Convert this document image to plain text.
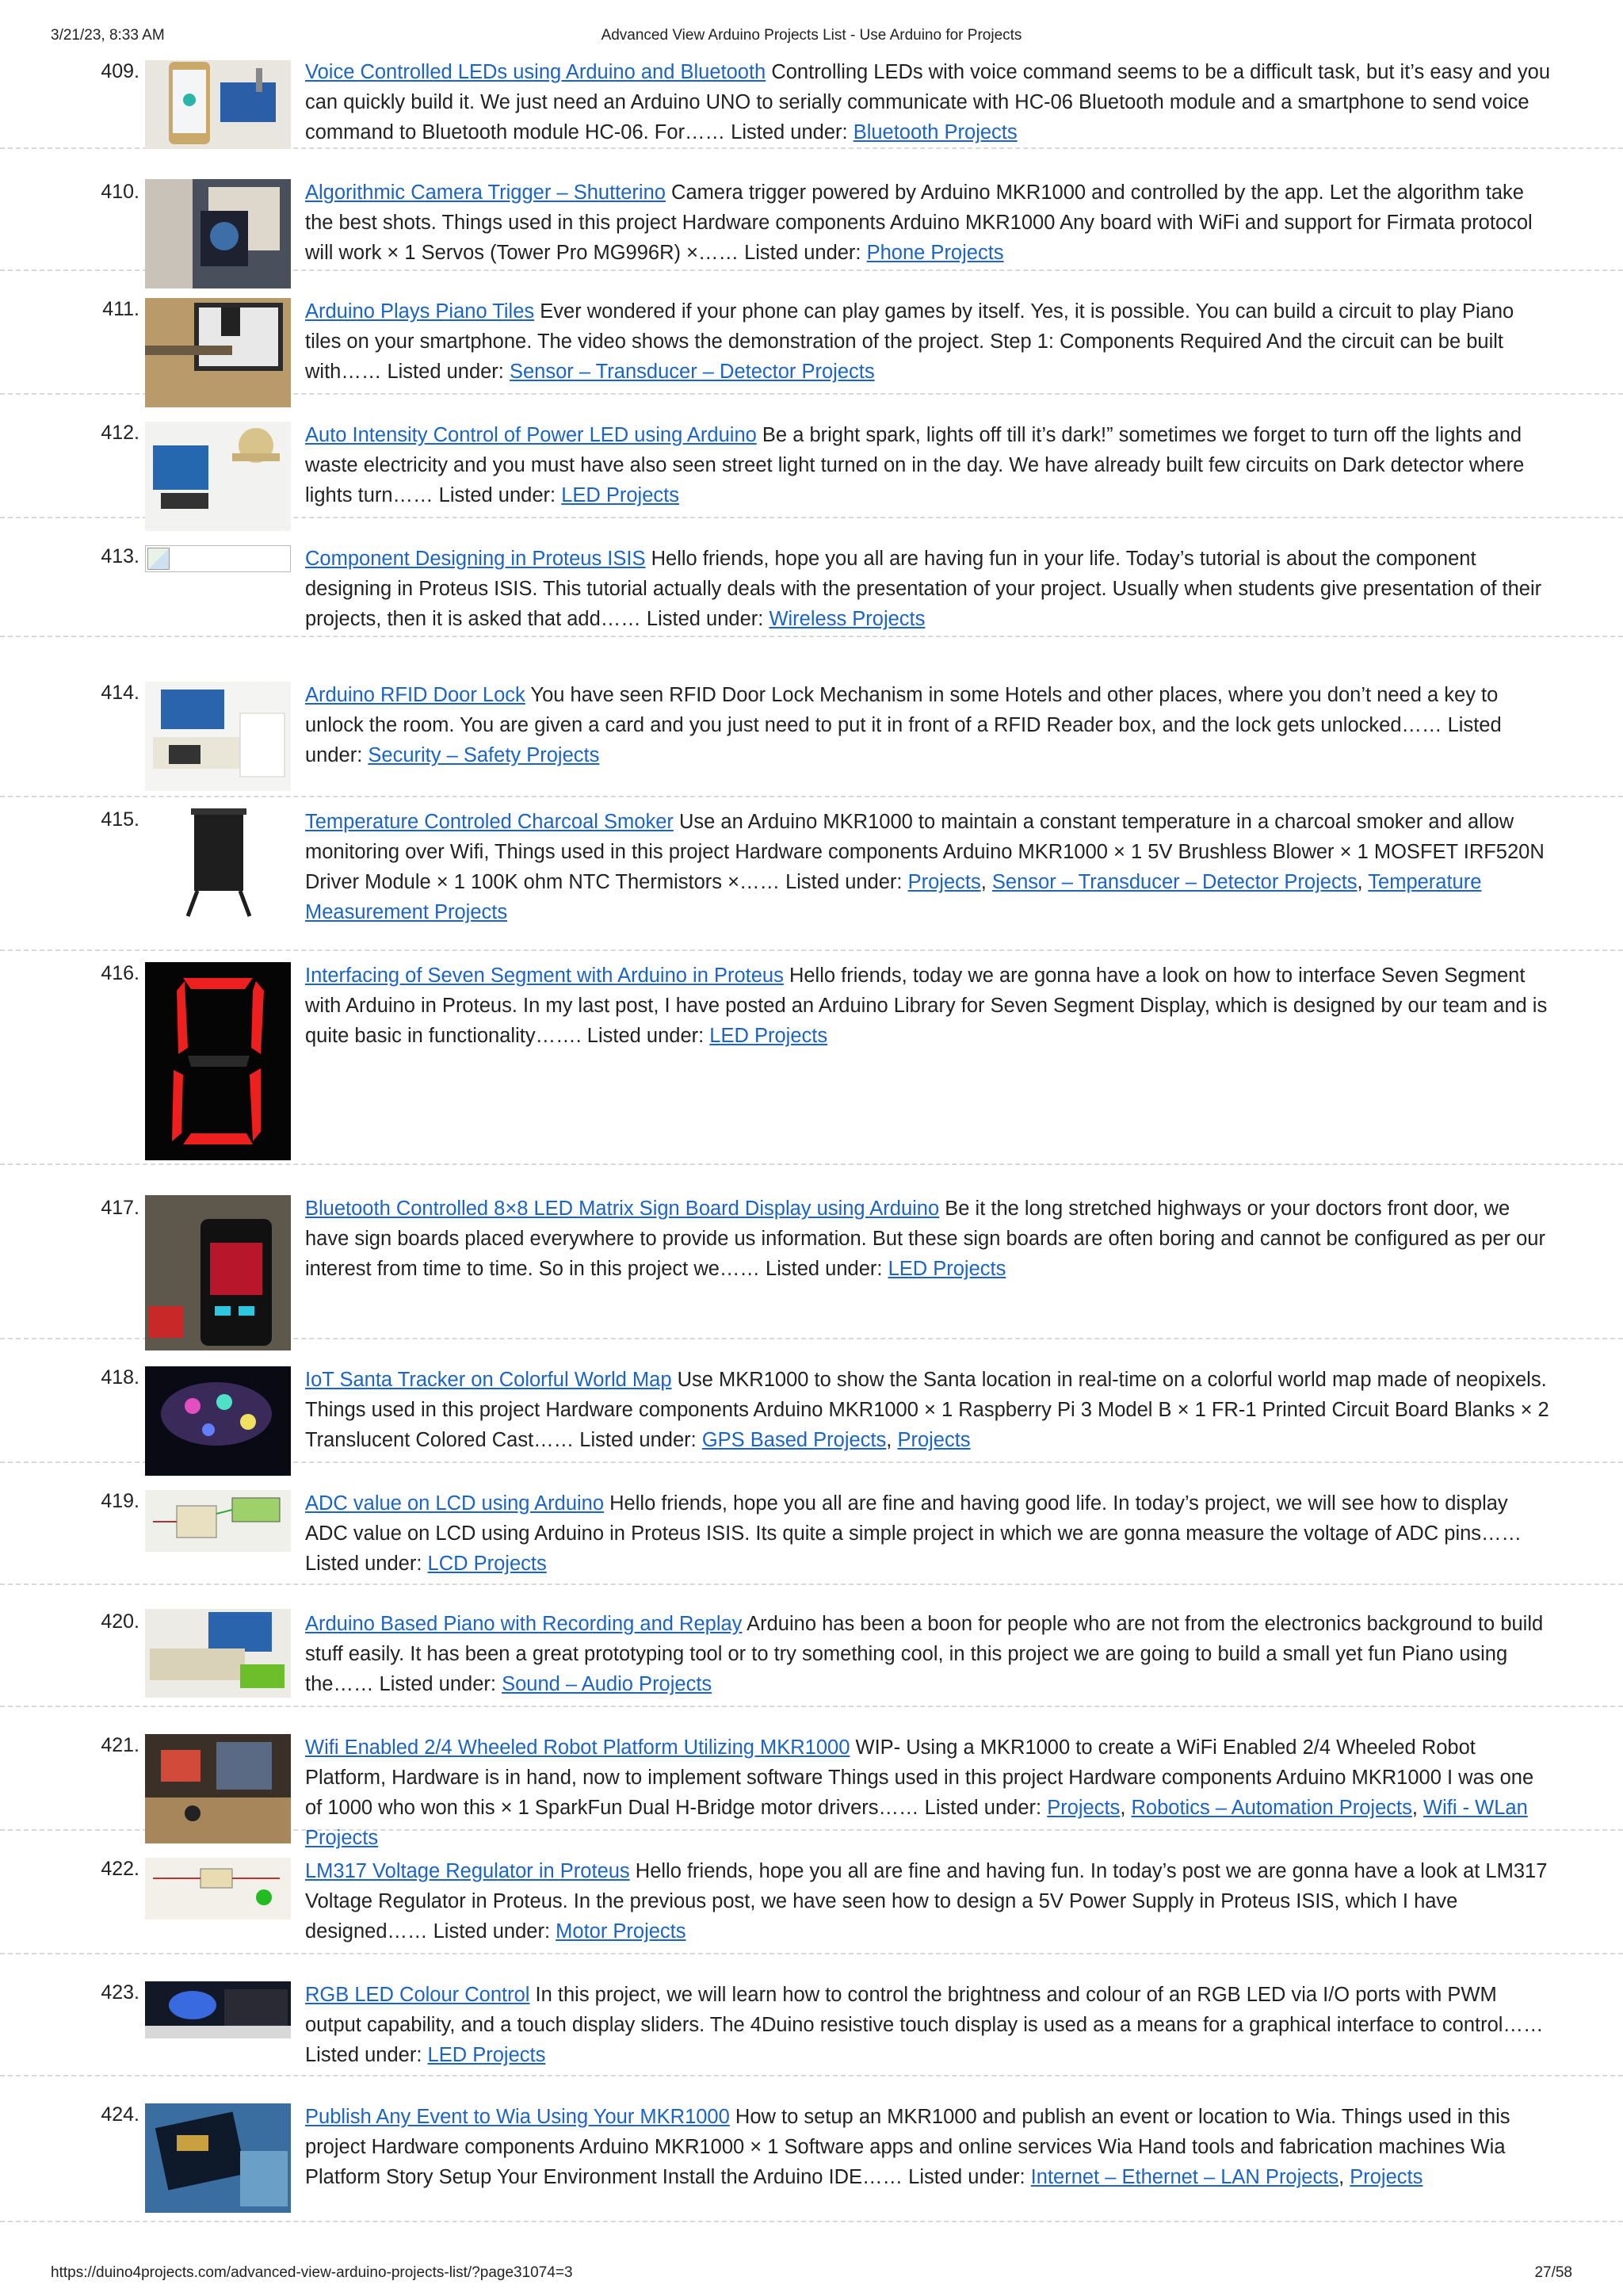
3/21/23, 8:33 AM	Advanced View Arduino Projects List - Use Arduino for Projects
409.	Voice Controlled LEDs using Arduino and Bluetooth Controlling LEDs with voice command seems to be a difficult task, but it’s easy and you can quickly build it. We just need an Arduino UNO to serially communicate with HC-06 Bluetooth module and a smartphone to send voice command to Bluetooth module HC-06. For…… Listed under: Bluetooth Projects
410.	Algorithmic Camera Trigger – Shutterino Camera trigger powered by Arduino MKR1000 and controlled by the app. Let the algorithm take the best shots. Things used in this project Hardware components Arduino MKR1000 Any board with WiFi and support for Firmata protocol will work × 1 Servos (Tower Pro MG996R) ×…… Listed under: Phone Projects
411.	Arduino Plays Piano Tiles Ever wondered if your phone can play games by itself. Yes, it is possible. You can build a circuit to play Piano tiles on your smartphone. The video shows the demonstration of the project. Step 1: Components Required And the circuit can be built with…… Listed under: Sensor – Transducer – Detector Projects
412.	Auto Intensity Control of Power LED using Arduino Be a bright spark, lights off till it’s dark!” sometimes we forget to turn off the lights and waste electricity and you must have also seen street light turned on in the day. We have already built few circuits on Dark detector where lights turn…… Listed under: LED Projects
413.	Component Designing in Proteus ISIS Hello friends, hope you all are having fun in your life. Today’s tutorial is about the component designing in Proteus ISIS. This tutorial actually deals with the presentation of your project. Usually when students give presentation of their projects, then it is asked that add…… Listed under: Wireless Projects
414.	Arduino RFID Door Lock You have seen RFID Door Lock Mechanism in some Hotels and other places, where you don’t need a key to unlock the room. You are given a card and you just need to put it in front of a RFID Reader box, and the lock gets unlocked…… Listed under: Security – Safety Projects
415.	Temperature Controled Charcoal Smoker Use an Arduino MKR1000 to maintain a constant temperature in a charcoal smoker and allow monitoring over Wifi, Things used in this project Hardware components Arduino MKR1000 × 1 5V Brushless Blower × 1 MOSFET IRF520N Driver Module × 1 100K ohm NTC Thermistors ×…… Listed under: Projects, Sensor – Transducer – Detector Projects, Temperature Measurement Projects
416.	Interfacing of Seven Segment with Arduino in Proteus Hello friends, today we are gonna have a look on how to interface Seven Segment with Arduino in Proteus. In my last post, I have posted an Arduino Library for Seven Segment Display, which is designed by our team and is quite basic in functionality……. Listed under: LED Projects
417.	Bluetooth Controlled 8×8 LED Matrix Sign Board Display using Arduino Be it the long stretched highways or your doctors front door, we have sign boards placed everywhere to provide us information. But these sign boards are often boring and cannot be configured as per our interest from time to time. So in this project we…… Listed under: LED Projects
418.	IoT Santa Tracker on Colorful World Map Use MKR1000 to show the Santa location in real-time on a colorful world map made of neopixels. Things used in this project Hardware components Arduino MKR1000 × 1 Raspberry Pi 3 Model B × 1 FR-1 Printed Circuit Board Blanks × 2 Translucent Colored Cast…… Listed under: GPS Based Projects, Projects
419.	ADC value on LCD using Arduino Hello friends, hope you all are fine and having good life. In today’s project, we will see how to display ADC value on LCD using Arduino in Proteus ISIS. Its quite a simple project in which we are gonna measure the voltage of ADC pins…… Listed under: LCD Projects
420.	Arduino Based Piano with Recording and Replay Arduino has been a boon for people who are not from the electronics background to build stuff easily. It has been a great prototyping tool or to try something cool, in this project we are going to build a small yet fun Piano using the…… Listed under: Sound – Audio Projects
421.	Wifi Enabled 2/4 Wheeled Robot Platform Utilizing MKR1000 WIP- Using a MKR1000 to create a WiFi Enabled 2/4 Wheeled Robot Platform, Hardware is in hand, now to implement software Things used in this project Hardware components Arduino MKR1000 I was one of 1000 who won this × 1 SparkFun Dual H-Bridge motor drivers…… Listed under: Projects, Robotics – Automation Projects, Wifi - WLan Projects
422.	LM317 Voltage Regulator in Proteus Hello friends, hope you all are fine and having fun. In today’s post we are gonna have a look at LM317 Voltage Regulator in Proteus. In the previous post, we have seen how to design a 5V Power Supply in Proteus ISIS, which I have designed…… Listed under: Motor Projects
423.	RGB LED Colour Control In this project, we will learn how to control the brightness and colour of an RGB LED via I/O ports with PWM output capability, and a touch display sliders. The 4Duino resistive touch display is used as a means for a graphical interface to control…… Listed under: LED Projects
424.	Publish Any Event to Wia Using Your MKR1000 How to setup an MKR1000 and publish an event or location to Wia. Things used in this project Hardware components Arduino MKR1000 × 1 Software apps and online services Wia Hand tools and fabrication machines Wia Platform Story Setup Your Environment Install the Arduino IDE…… Listed under: Internet – Ethernet – LAN Projects, Projects
https://duino4projects.com/advanced-view-arduino-projects-list/?page31074=3	27/58
